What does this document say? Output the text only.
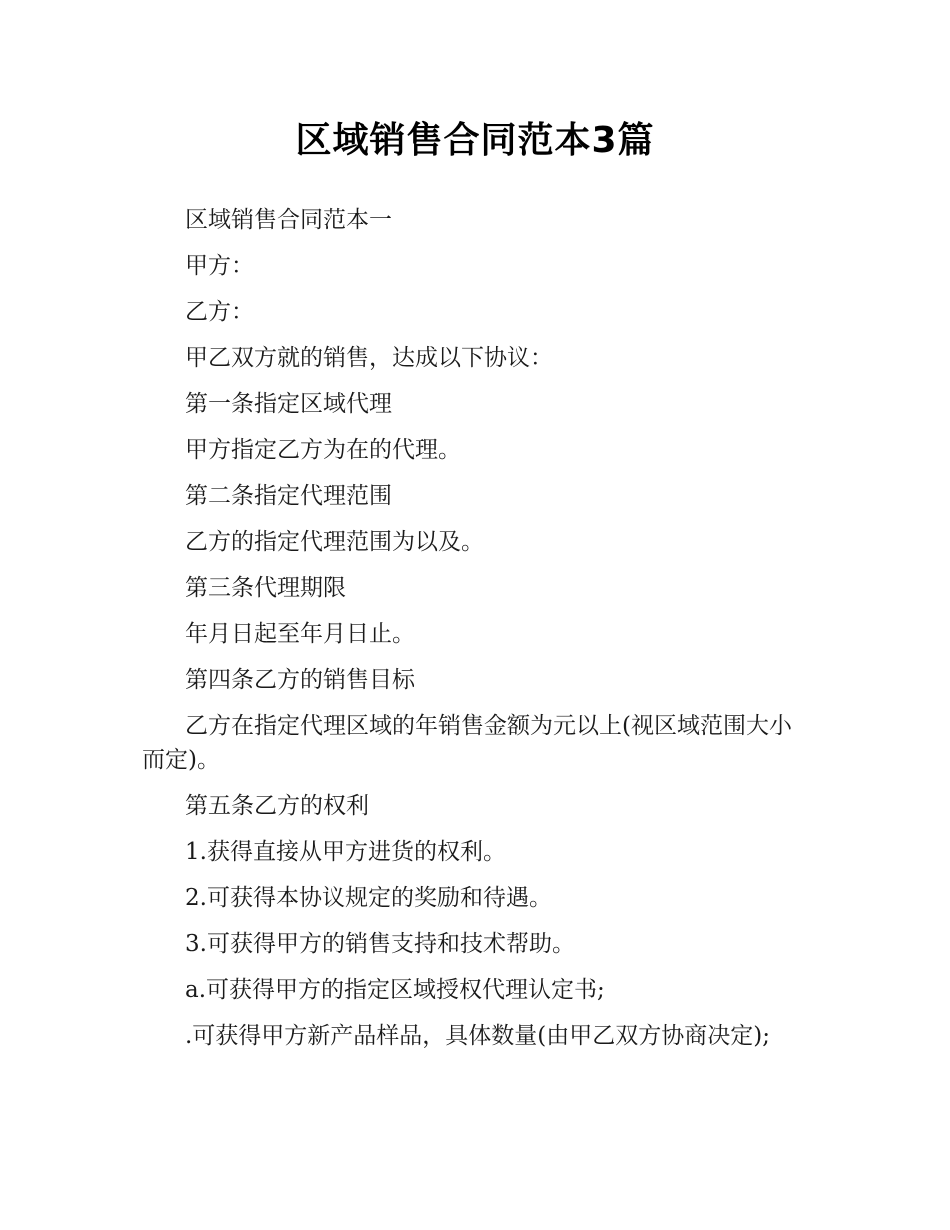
区域销售合同范本3篇

区域销售合同范本一

甲方：

乙方：

甲乙双方就的销售，达成以下协议：

第一条指定区域代理

甲方指定乙方为在的代理。

第二条指定代理范围

乙方的指定代理范围为以及。

第三条代理期限

年月日起至年月日止。

第四条乙方的销售目标

乙方在指定代理区域的年销售金额为元以上(视区域范围大小而定)。

第五条乙方的权利

1.获得直接从甲方进货的权利。

2.可获得本协议规定的奖励和待遇。

3.可获得甲方的销售支持和技术帮助。

a.可获得甲方的指定区域授权代理认定书;

.可获得甲方新产品样品，具体数量(由甲乙双方协商决定);
